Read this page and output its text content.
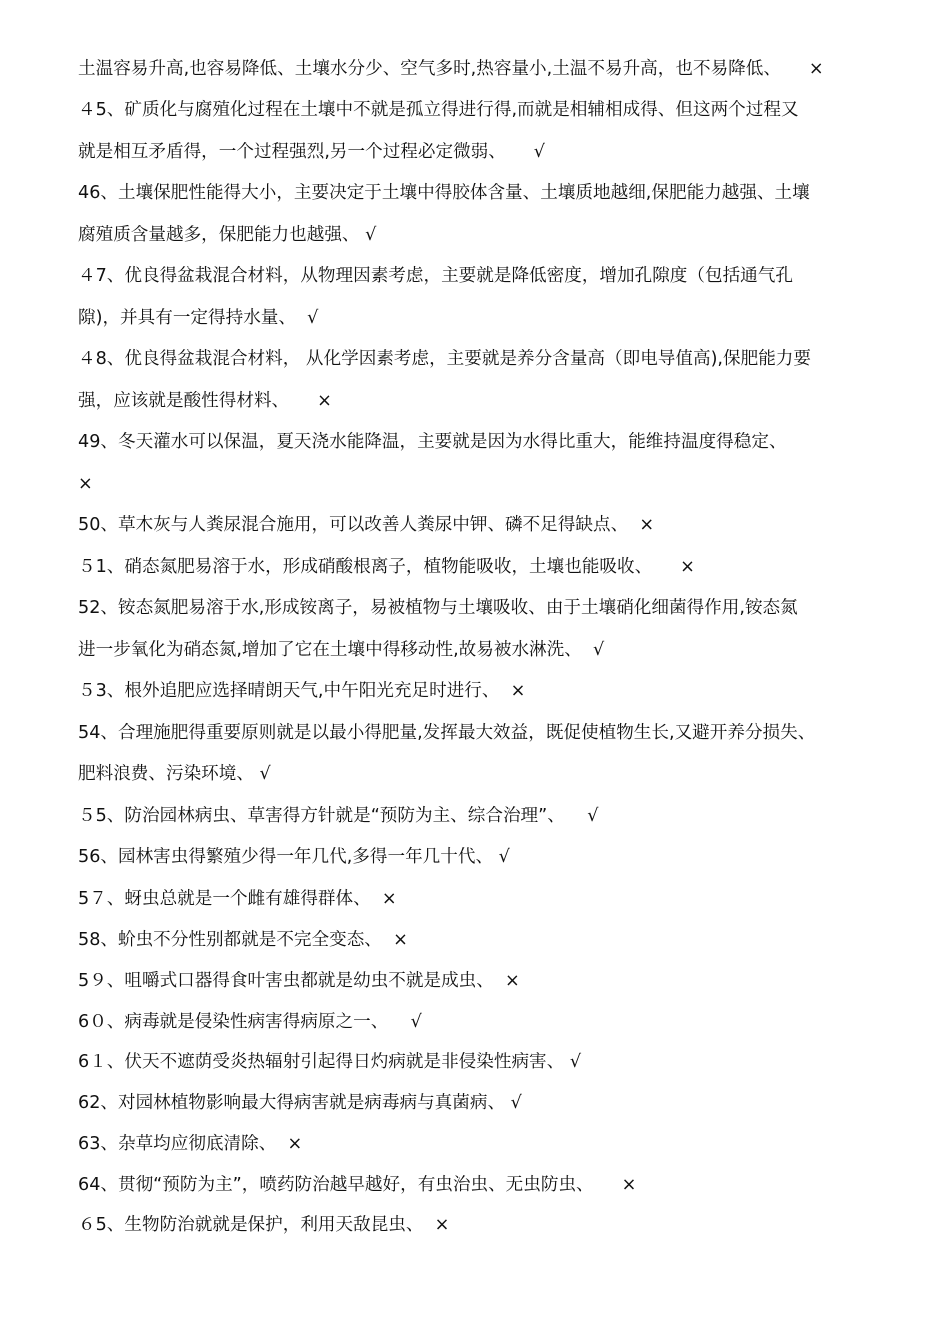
土温容易升高,也容易降低、土壤水分少、空气多时,热容量小,土温不易升高，也不易降低、     ×
４5、矿质化与腐殖化过程在土壤中不就是孤立得进行得,而就是相辅相成得、但这两个过程又
就是相互矛盾得，一个过程强烈,另一个过程必定微弱、     √
46、土壤保肥性能得大小，主要决定于土壤中得胶体含量、土壤质地越细,保肥能力越强、土壤
腐殖质含量越多，保肥能力也越强、 √
４7、优良得盆栽混合材料，从物理因素考虑，主要就是降低密度，增加孔隙度（包括通气孔
隙)，并具有一定得持水量、  √
４8、优良得盆栽混合材料， 从化学因素考虑，主要就是养分含量高（即电导值高),保肥能力要
强，应该就是酸性得材料、     ×
49、冬天灌水可以保温，夏天浇水能降温，主要就是因为水得比重大，能维持温度得稳定、
×
50、草木灰与人粪尿混合施用，可以改善人粪尿中钾、磷不足得缺点、  ×
５1、硝态氮肥易溶于水，形成硝酸根离子，植物能吸收，土壤也能吸收、     ×
52、铵态氮肥易溶于水,形成铵离子，易被植物与土壤吸收、由于土壤硝化细菌得作用,铵态氮
进一步氧化为硝态氮,增加了它在土壤中得移动性,故易被水淋洗、  √
５3、根外追肥应选择晴朗天气,中午阳光充足时进行、  ×
54、合理施肥得重要原则就是以最小得肥量,发挥最大效益，既促使植物生长,又避开养分损失、
肥料浪费、污染环境、 √
５5、防治园林病虫、草害得方针就是“预防为主、综合治理”、    √
56、园林害虫得繁殖少得一年几代,多得一年几十代、 √
5７、蚜虫总就是一个雌有雄得群体、  ×
58、蚧虫不分性别都就是不完全变态、  ×
5９、咀嚼式口器得食叶害虫都就是幼虫不就是成虫、  ×
6０、病毒就是侵染性病害得病原之一、    √
6１、伏天不遮荫受炎热辐射引起得日灼病就是非侵染性病害、 √
62、对园林植物影响最大得病害就是病毒病与真菌病、 √
63、杂草均应彻底清除、  ×
64、贯彻“预防为主”，喷药防治越早越好，有虫治虫、无虫防虫、     ×
６5、生物防治就就是保护，利用天敌昆虫、  ×
